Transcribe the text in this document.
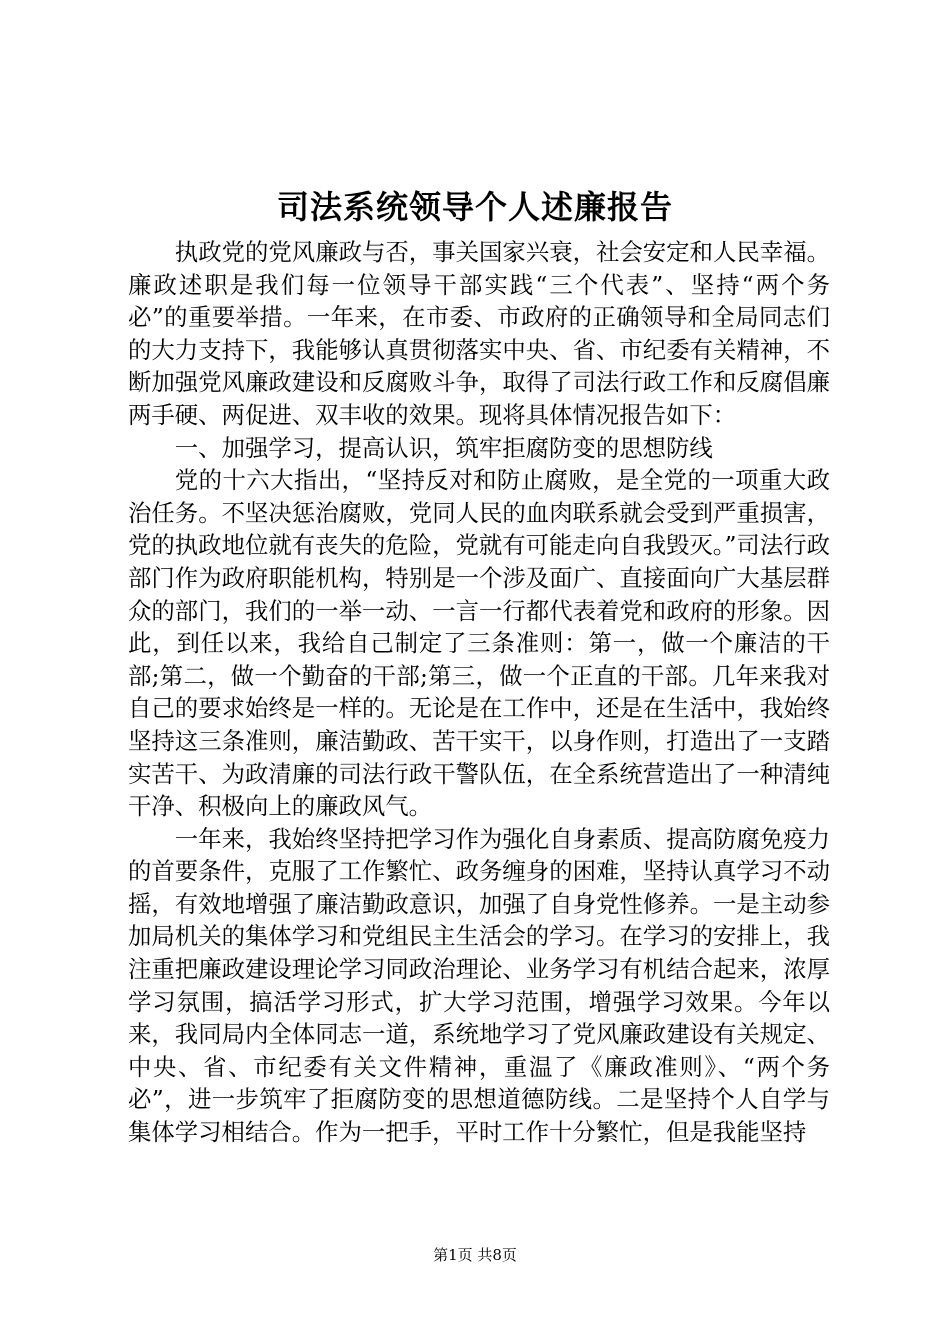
司法系统领导个人述廉报告

执政党的党风廉政与否，事关国家兴衰，社会安定和人民幸福。廉政述职是我们每一位领导干部实践“三个代表”、坚持“两个务必”的重要举措。一年来，在市委、市政府的正确领导和全局同志们的大力支持下，我能够认真贯彻落实中央、省、市纪委有关精神，不断加强党风廉政建设和反腐败斗争，取得了司法行政工作和反腐倡廉两手硬、两促进、双丰收的效果。现将具体情况报告如下：

一、加强学习，提高认识，筑牢拒腐防变的思想防线

党的十六大指出，“坚持反对和防止腐败，是全党的一项重大政治任务。不坚决惩治腐败，党同人民的血肉联系就会受到严重损害，党的执政地位就有丧失的危险，党就有可能走向自我毁灭。”司法行政部门作为政府职能机构，特别是一个涉及面广、直接面向广大基层群众的部门，我们的一举一动、一言一行都代表着党和政府的形象。因此，到任以来，我给自己制定了三条准则：第一，做一个廉洁的干部;第二，做一个勤奋的干部;第三，做一个正直的干部。几年来我对自己的要求始终是一样的。无论是在工作中，还是在生活中，我始终坚持这三条准则，廉洁勤政、苦干实干，以身作则，打造出了一支踏实苦干、为政清廉的司法行政干警队伍，在全系统营造出了一种清纯干净、积极向上的廉政风气。

一年来，我始终坚持把学习作为强化自身素质、提高防腐免疫力的首要条件，克服了工作繁忙、政务缠身的困难，坚持认真学习不动摇，有效地增强了廉洁勤政意识，加强了自身党性修养。一是主动参加局机关的集体学习和党组民主生活会的学习。在学习的安排上，我注重把廉政建设理论学习同政治理论、业务学习有机结合起来，浓厚学习氛围，搞活学习形式，扩大学习范围，增强学习效果。今年以来，我同局内全体同志一道，系统地学习了党风廉政建设有关规定、中央、省、市纪委有关文件精神，重温了《廉政准则》、“两个务必”，进一步筑牢了拒腐防变的思想道德防线。二是坚持个人自学与集体学习相结合。作为一把手，平时工作十分繁忙，但是我能坚持

第1页 共8页
